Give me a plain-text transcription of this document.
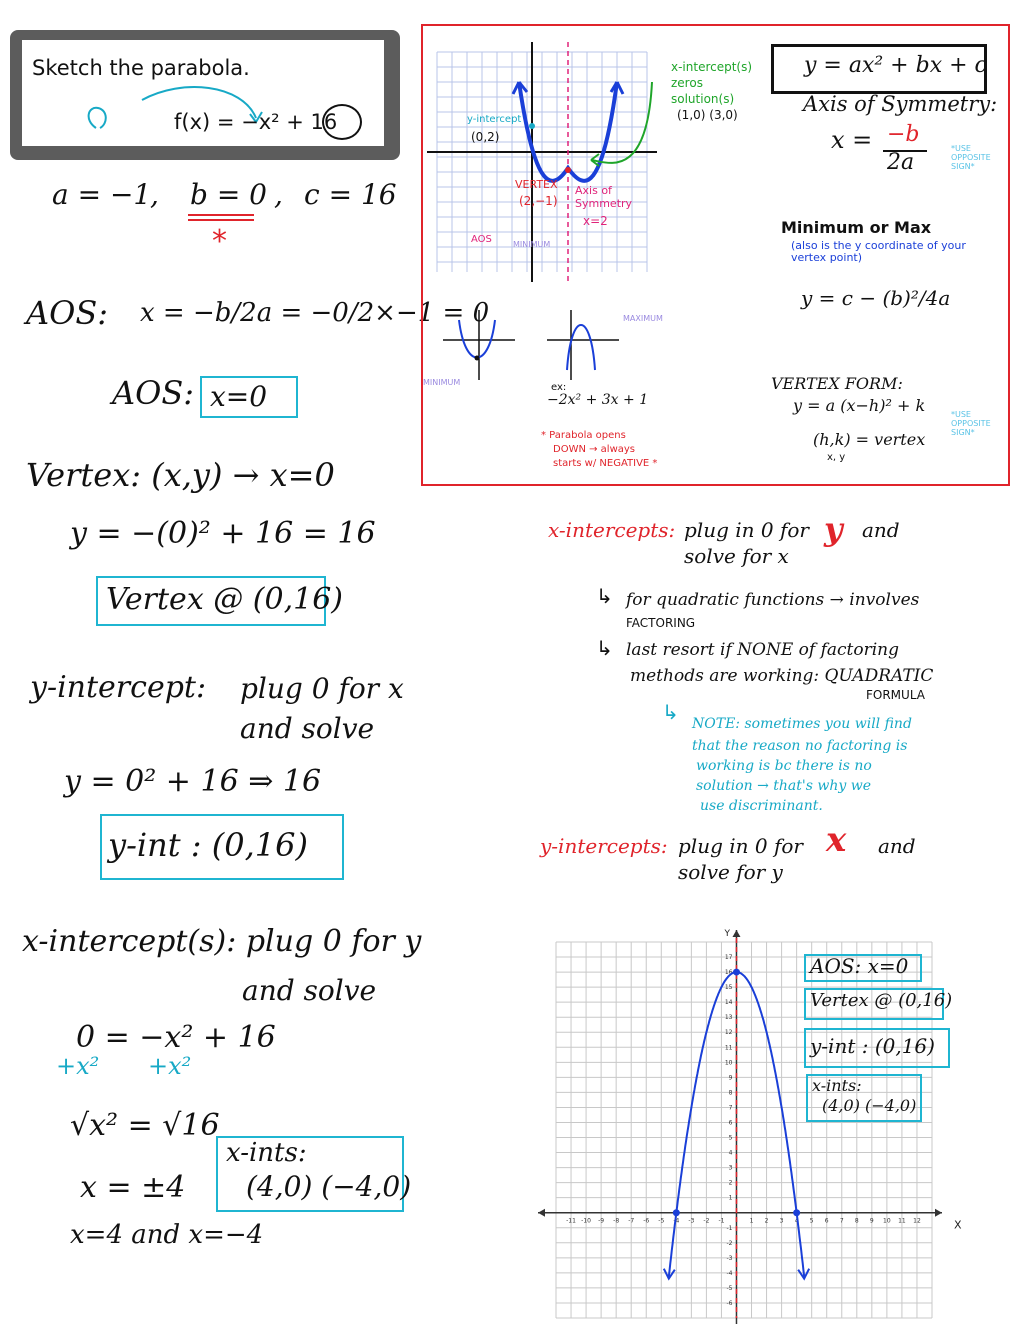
Sketch the parabola.
f(x) = −x² + 16
a = −1
, b = 0
*
, c = 16
AOS: x = −b/2a = −0/2×−1 = 0
AOS: x=0
Vertex: (x,y) → x=0
y = −(0)² + 16 = 16
Vertex @ (0,16)
y-intercept: plug 0 for x
and solve
y = 0² + 16 ⇒ 16
y-int : (0,16)
x-intercept(s): plug 0 for y
and solve
0 = −x² + 16
+x² +x²
√x² = √16
x = ±4
x=4 and x=−4
x-ints:
(4,0) (−4,0)
y-intercept
(0,2)
VERTEX
(2,−1)
Axis of Symmetry
x=2
AOS	MINIMUM
x-intercept(s)
zeros
solution(s)
(1,0) (3,0)
y = ax² + bx + c
Axis of Symmetry:
x = −b
2a
*USE OPPOSITE SIGN*
Minimum or Max
(also is the y coordinate of your vertex point)
y = c − (b)²/4a
VERTEX FORM:
y = a (x−h)² + k	*USE OPPOSITE SIGN*
(h,k) = vertex
x, y
MINIMUM
MAXIMUM
ex:
−2x² + 3x + 1
* Parabola opens
DOWN → always
starts w/ NEGATIVE *
x-intercepts: plug in 0 for y and
solve for x
↳ for quadratic functions → involves
FACTORING
↳ last resort if NONE of factoring
methods are working: QUADRATIC
FORMULA
↳ NOTE: sometimes you will find
that the reason no factoring is
working is bc there is no
solution → that's why we
use discriminant.
y-intercepts: plug in 0 for x and
solve for y
-11 -10 -9 -8 -7 -6 -5 -4 -3 -2 -1	1 2 3 4 5 6 7 8 9 10 11 12
-6
-5
-4
-3
-2
-1
1
2
3
4
5
6
7
8
9
10
11
12
13
14
15
16
17
X
Y
AOS: x=0
Vertex @ (0,16)
y-int : (0,16)
x-ints:
(4,0) (−4,0)
